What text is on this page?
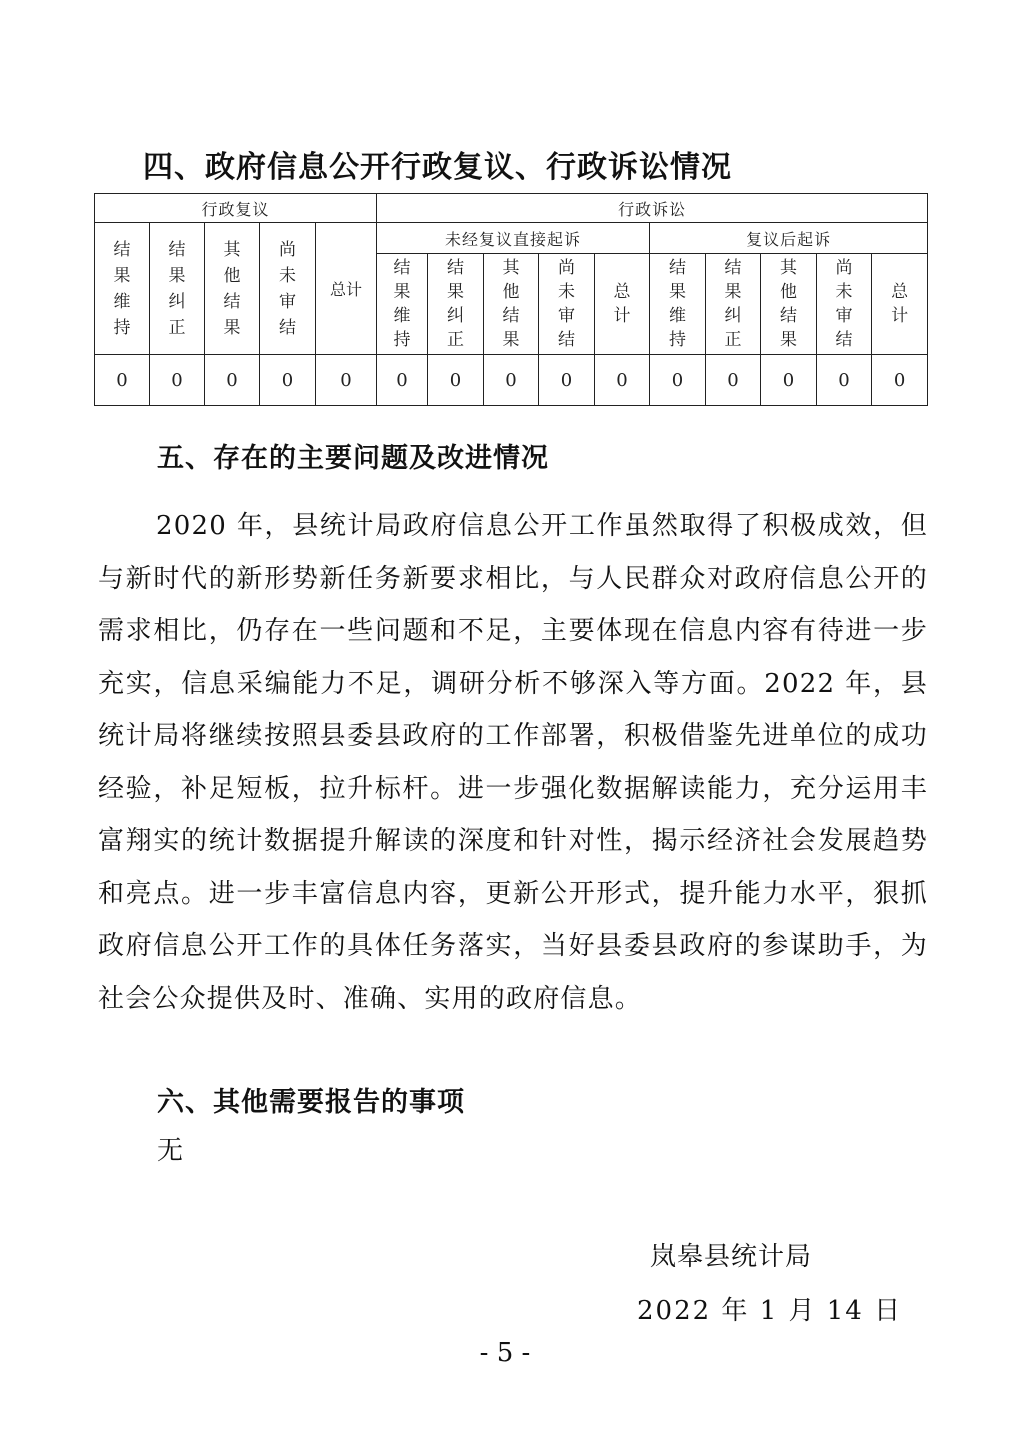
四、政府信息公开行政复议、行政诉讼情况
行政复议					行政诉讼									
结果维持	结果纠正	其他结果	尚未审结	总计	未经复议直接起诉					复议后起诉				
					结果维持	结果纠正	其他结果	尚未审结	总计	结果维持	结果纠正	其他结果	尚未审结	总计
0	0	0	0	0	0	0	0	0	0	0	0	0	0	0
五、存在的主要问题及改进情况
2020 年，县统计局政府信息公开工作虽然取得了积极成效，但与新时代的新形势新任务新要求相比，与人民群众对政府信息公开的需求相比，仍存在一些问题和不足，主要体现在信息内容有待进一步充实，信息采编能力不足，调研分析不够深入等方面。2022 年，县统计局将继续按照县委县政府的工作部署，积极借鉴先进单位的成功经验，补足短板，拉升标杆。进一步强化数据解读能力，充分运用丰富翔实的统计数据提升解读的深度和针对性，揭示经济社会发展趋势和亮点。进一步丰富信息内容，更新公开形式，提升能力水平，狠抓政府信息公开工作的具体任务落实，当好县委县政府的参谋助手，为社会公众提供及时、准确、实用的政府信息。
六、其他需要报告的事项
无
岚皋县统计局
2022 年 1 月 14 日
- 5 -
